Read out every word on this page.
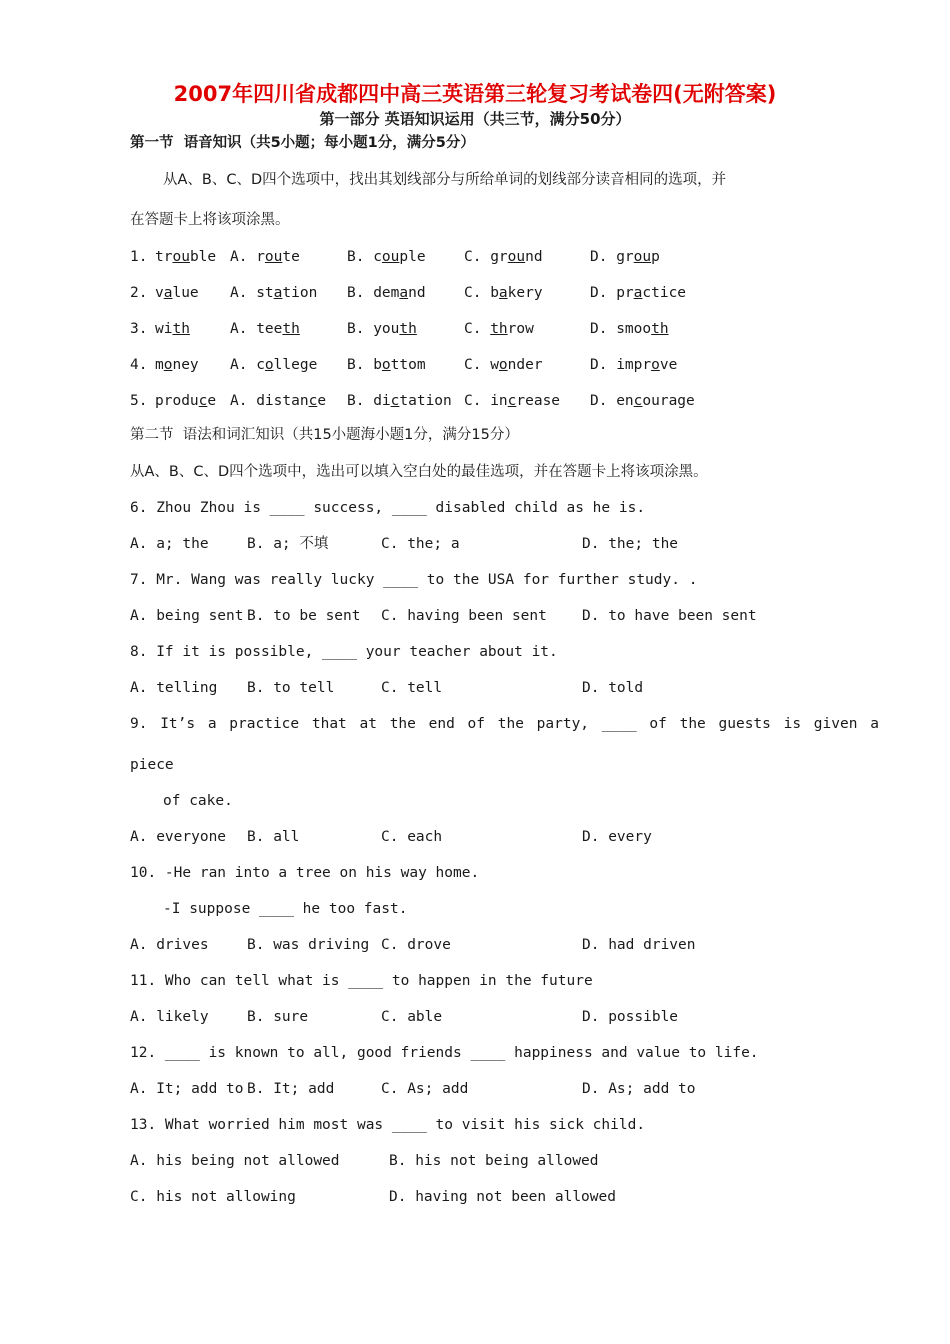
2007年四川省成都四中高三英语第三轮复习考试卷四(无附答案)
第一部分 英语知识运用（共三节，满分50分）
第一节  语音知识（共5小题；每小题1分，满分5分）
从A、B、C、D四个选项中，找出其划线部分与所给单词的划线部分读音相同的选项，并
在答题卡上将该项涂黑。
1. trouble A. route	B. couple	C. ground	D. group
2. value A. station B. demand	C. bakery	D. practice
3. with	A. teeth	B. youth	C. throw	D. smooth
4. money A. college B. bottom	C. wonder	D. improve
5. produce A. distance B. dictation C. increase D. encourage
第二节  语法和词汇知识（共15小题海小题1分，满分15分）
从A、B、C、D四个选项中，选出可以填入空白处的最佳选项，并在答题卡上将该项涂黑。
6. Zhou Zhou is ____ success, ____ disabled child as he is.
A. a; the	B. a; 不填	C. the; a	D. the; the
7. Mr. Wang was really lucky ____ to the USA for further study. .
A. being sent B. to be sent C. having been sent D. to have been sent
8. If it is possible, ____ your teacher about it.
A. telling B. to tell	C. tell	D. told
9. It’s a practice that at the end of the party, ____ of the guests is given a
piece
of cake.
A. everyone B. all	C. each	D. every
10. -He ran into a tree on his way home.
-I suppose ____ he too fast.
A. drives	B. was driving C. drove	D. had driven
11. Who can tell what is ____ to happen in the future
A. likely	B. sure	C. able	D. possible
12. ____ is known to all, good friends ____ happiness and value to life.
A. It; add to B. It; add	C. As; add	D. As; add to
13. What worried him most was ____ to visit his sick child.
A. his being not allowed	B. his not being allowed
C. his not allowing	D. having not been allowed
